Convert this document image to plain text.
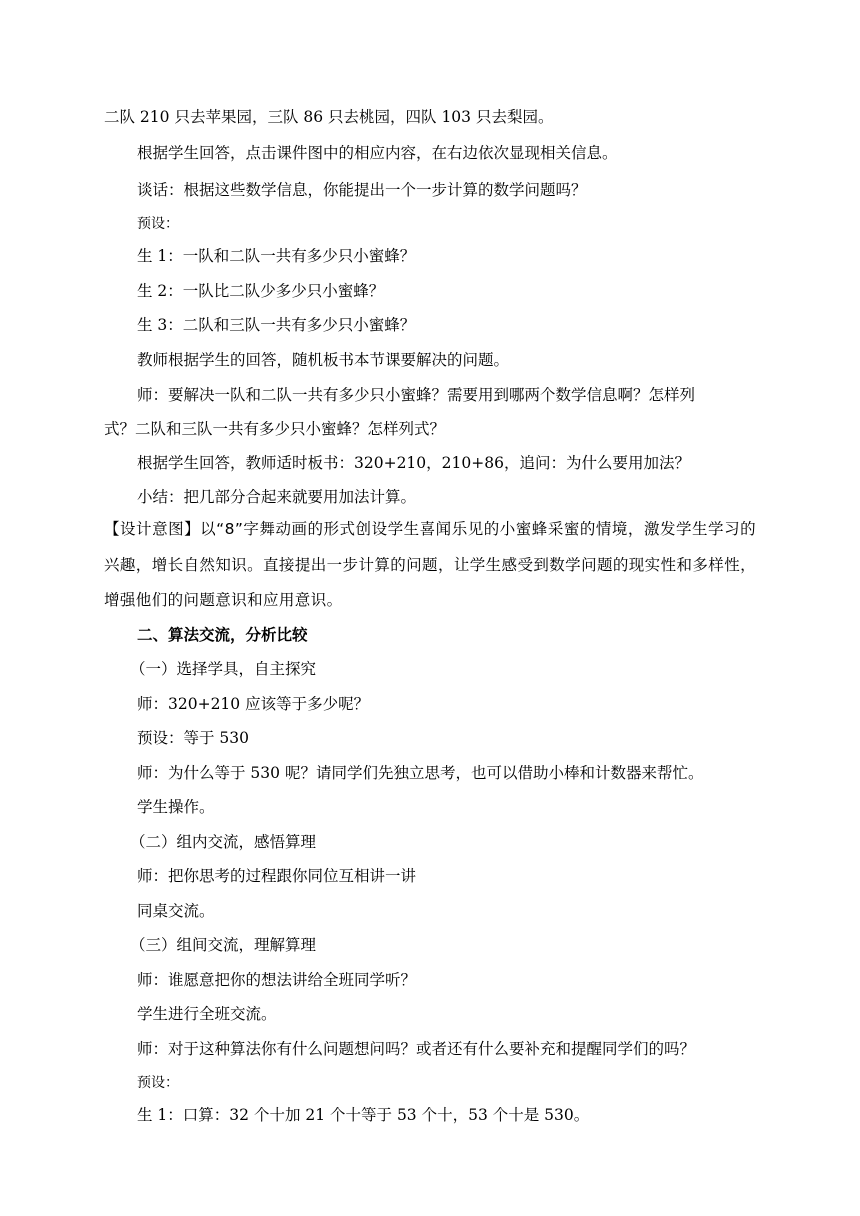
二队 210 只去苹果园，三队 86 只去桃园，四队 103 只去梨园。
根据学生回答，点击课件图中的相应内容，在右边依次显现相关信息。
谈话：根据这些数学信息，你能提出一个一步计算的数学问题吗？
预设：
生 1：一队和二队一共有多少只小蜜蜂？
生 2：一队比二队少多少只小蜜蜂？
生 3：二队和三队一共有多少只小蜜蜂？
教师根据学生的回答，随机板书本节课要解决的问题。
师：要解决一队和二队一共有多少只小蜜蜂？需要用到哪两个数学信息啊？怎样列
式？二队和三队一共有多少只小蜜蜂？怎样列式？
根据学生回答，教师适时板书：320+210，210+86，追问：为什么要用加法？
小结：把几部分合起来就要用加法计算。
【设计意图】以“8”字舞动画的形式创设学生喜闻乐见的小蜜蜂采蜜的情境，激发学生学习的兴趣，增长自然知识。直接提出一步计算的问题，让学生感受到数学问题的现实性和多样性，增强他们的问题意识和应用意识。
二、算法交流，分析比较
（一）选择学具，自主探究
师：320+210 应该等于多少呢？
预设：等于 530
师：为什么等于 530 呢？请同学们先独立思考，也可以借助小棒和计数器来帮忙。
学生操作。
（二）组内交流，感悟算理
师：把你思考的过程跟你同位互相讲一讲
同桌交流。
（三）组间交流，理解算理
师：谁愿意把你的想法讲给全班同学听？
学生进行全班交流。
师：对于这种算法你有什么问题想问吗？或者还有什么要补充和提醒同学们的吗？
预设：
生 1：口算：32 个十加 21 个十等于 53 个十，53 个十是 530。
